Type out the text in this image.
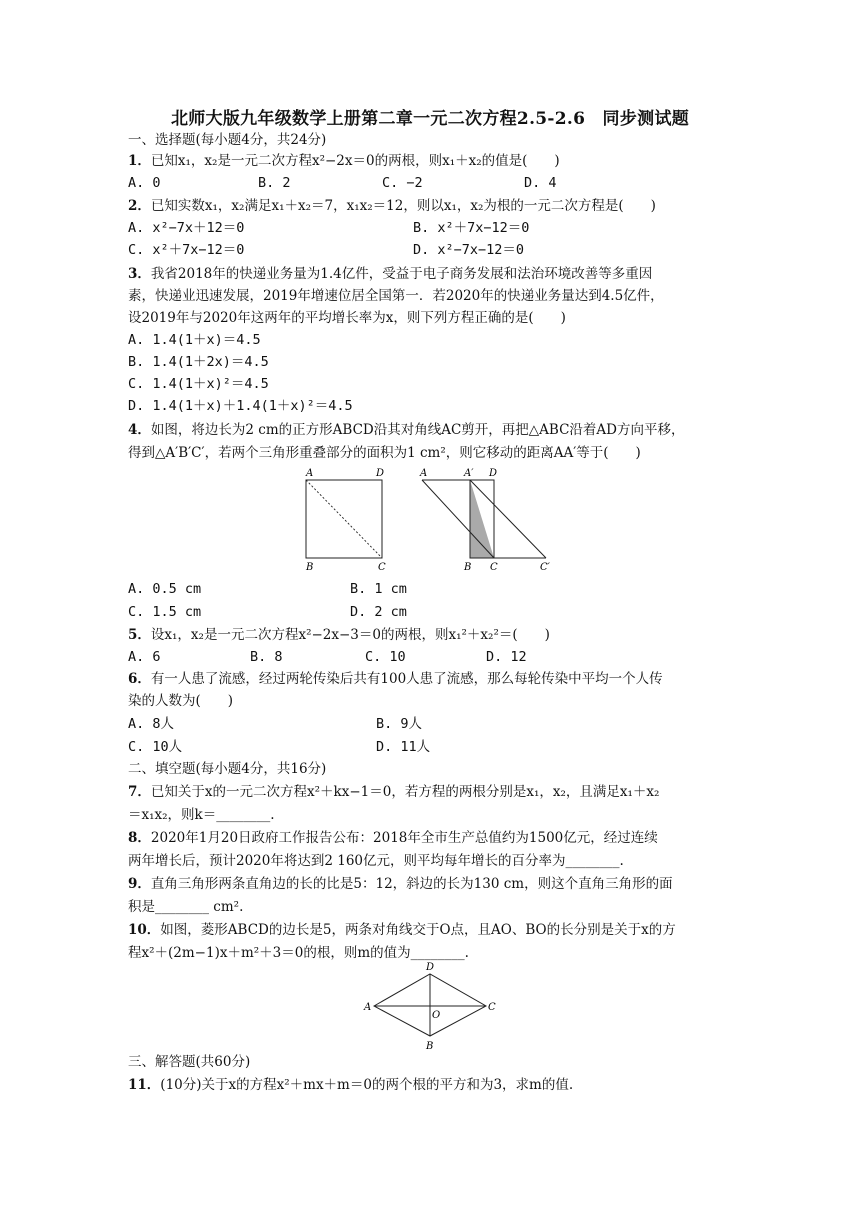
北师大版九年级数学上册第二章一元二次方程2.5-2.6　同步测试题
一、选择题(每小题4分，共24分)
1．已知x₁，x₂是一元二次方程x²−2x＝0的两根，则x₁＋x₂的值是(　　)
A. 0	B. 2	C. −2	D. 4
2．已知实数x₁，x₂满足x₁＋x₂＝7，x₁x₂＝12，则以x₁，x₂为根的一元二次方程是(　　)
A. x²−7x＋12＝0	B. x²＋7x−12＝0
C. x²＋7x−12＝0	D. x²−7x−12＝0
3．我省2018年的快递业务量为1.4亿件，受益于电子商务发展和法治环境改善等多重因
素，快递业迅速发展，2019年增速位居全国第一．若2020年的快递业务量达到4.5亿件，
设2019年与2020年这两年的平均增长率为x，则下列方程正确的是(　　)
A. 1.4(1＋x)＝4.5
B. 1.4(1＋2x)＝4.5
C. 1.4(1＋x)²＝4.5
D. 1.4(1＋x)＋1.4(1＋x)²＝4.5
4．如图，将边长为2 cm的正方形ABCD沿其对角线AC剪开，再把△ABC沿着AD方向平移，
得到△A′B′C′，若两个三角形重叠部分的面积为1 cm²，则它移动的距离AA′等于(　　)
A	D
B	C
A	A′ D
B C	C′
A. 0.5 cm	B. 1 cm
C. 1.5 cm	D. 2 cm
5．设x₁，x₂是一元二次方程x²−2x−3＝0的两根，则x₁²＋x₂²＝(　　)
A. 6	B. 8	C. 10	D. 12
6．有一人患了流感，经过两轮传染后共有100人患了流感，那么每轮传染中平均一个人传
染的人数为(　　)
A. 8人	B. 9人
C. 10人	D. 11人
二、填空题(每小题4分，共16分)
7．已知关于x的一元二次方程x²＋kx−1＝0，若方程的两根分别是x₁，x₂，且满足x₁＋x₂
＝x₁x₂，则k＝________.
8．2020年1月20日政府工作报告公布：2018年全市生产总值约为1500亿元，经过连续
两年增长后，预计2020年将达到2 160亿元，则平均每年增长的百分率为________.
9．直角三角形两条直角边的长的比是5：12，斜边的长为130 cm，则这个直角三角形的面
积是________ cm².
10．如图，菱形ABCD的边长是5，两条对角线交于O点，且AO、BO的长分别是关于x的方
程x²＋(2m−1)x＋m²＋3＝0的根，则m的值为________.
A
D
C
B
O
三、解答题(共60分)
11．(10分)关于x的方程x²＋mx＋m＝0的两个根的平方和为3，求m的值.
